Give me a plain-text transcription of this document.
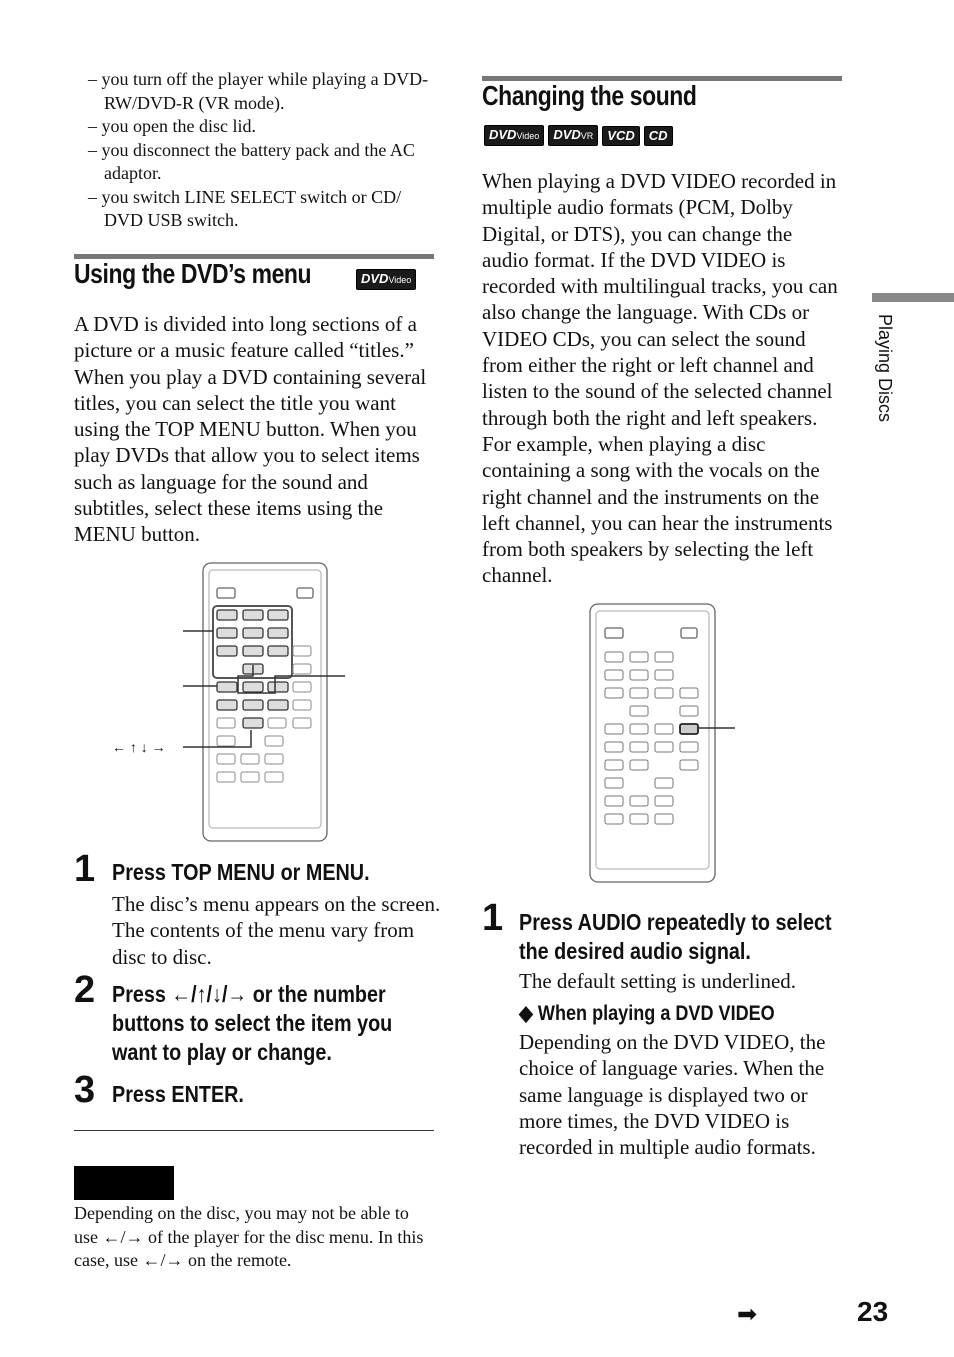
– you turn off the player while playing a DVD-RW/DVD-R (VR mode).
– you open the disc lid.
– you disconnect the battery pack and the AC adaptor.
– you switch LINE SELECT switch or CD/ DVD USB switch.
Using the DVD’s menu	DVDVideo
A DVD is divided into long sections of a picture or a music feature called “titles.” When you play a DVD containing several titles, you can select the title you want using the TOP MENU button. When you play DVDs that allow you to select items such as language for the sound and subtitles, select these items using the MENU button.
← ↑ ↓ →
1 Press TOP MENU or MENU.
The disc’s menu appears on the screen. The contents of the menu vary from disc to disc.
2 Press ←/↑/↓/→ or the number
buttons to select the item you
want to play or change.
3 Press ENTER.
Depending on the disc, you may not be able to use ←/→ of the player for the disc menu. In this case, use ←/→ on the remote.
Changing the sound
DVDVideo DVDVR VCD CD
When playing a DVD VIDEO recorded in multiple audio formats (PCM, Dolby Digital, or DTS), you can change the audio format. If the DVD VIDEO is recorded with multilingual tracks, you can also change the language. With CDs or VIDEO CDs, you can select the sound from either the right or left channel and listen to the sound of the selected channel through both the right and left speakers. For example, when playing a disc containing a song with the vocals on the right channel and the instruments on the left channel, you can hear the instruments from both speakers by selecting the left channel.
1 Press AUDIO repeatedly to select
the desired audio signal.
The default setting is underlined.
◆ When playing a DVD VIDEO
Depending on the DVD VIDEO, the choice of language varies. When the same language is displayed two or more times, the DVD VIDEO is recorded in multiple audio formats.
Playing Discs
➡	23
